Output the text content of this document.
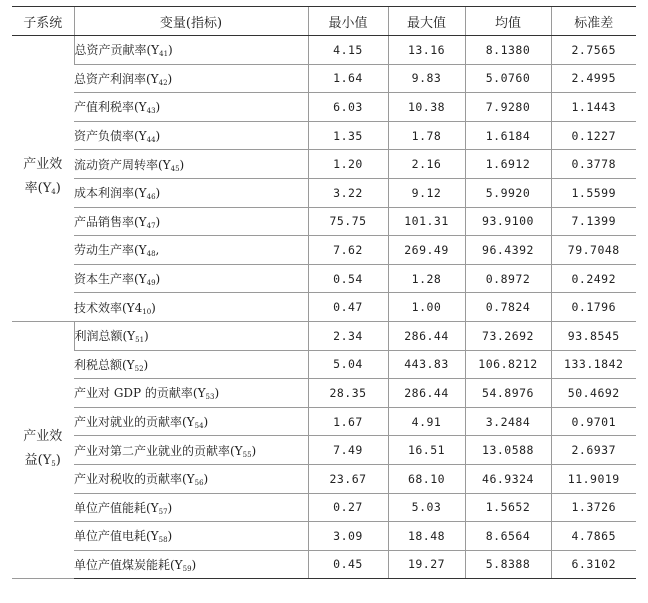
子系统	变量(指标)	最小值	最大值	均值	标准差
产业效
率(Y4)	总资产贡献率(Y41)	4.15	13.16	8.1380	2.7565
	总资产利润率(Y42)	1.64	9.83	5.0760	2.4995
	产值利税率(Y43)	6.03	10.38	7.9280	1.1443
	资产负债率(Y44)	1.35	1.78	1.6184	0.1227
	流动资产周转率(Y45)	1.20	2.16	1.6912	0.3778
	成本利润率(Y46)	3.22	9.12	5.9920	1.5599
	产品销售率(Y47)	75.75	101.31	93.9100	7.1399
	劳动生产率(Y48,	7.62	269.49	96.4392	79.7048
	资本生产率(Y49)	0.54	1.28	0.8972	0.2492
	技术效率(Y410)	0.47	1.00	0.7824	0.1796
产业效
益(Y5)	利润总额(Y51)	2.34	286.44	73.2692	93.8545
	利税总额(Y52)	5.04	443.83	106.8212	133.1842
	产业对 GDP 的贡献率(Y53)	28.35	286.44	54.8976	50.4692
	产业对就业的贡献率(Y54)	1.67	4.91	3.2484	0.9701
	产业对第二产业就业的贡献率(Y55)	7.49	16.51	13.0588	2.6937
	产业对税收的贡献率(Y56)	23.67	68.10	46.9324	11.9019
	单位产值能耗(Y57)	0.27	5.03	1.5652	1.3726
	单位产值电耗(Y58)	3.09	18.48	8.6564	4.7865
	单位产值煤炭能耗(Y59)	0.45	19.27	5.8388	6.3102
